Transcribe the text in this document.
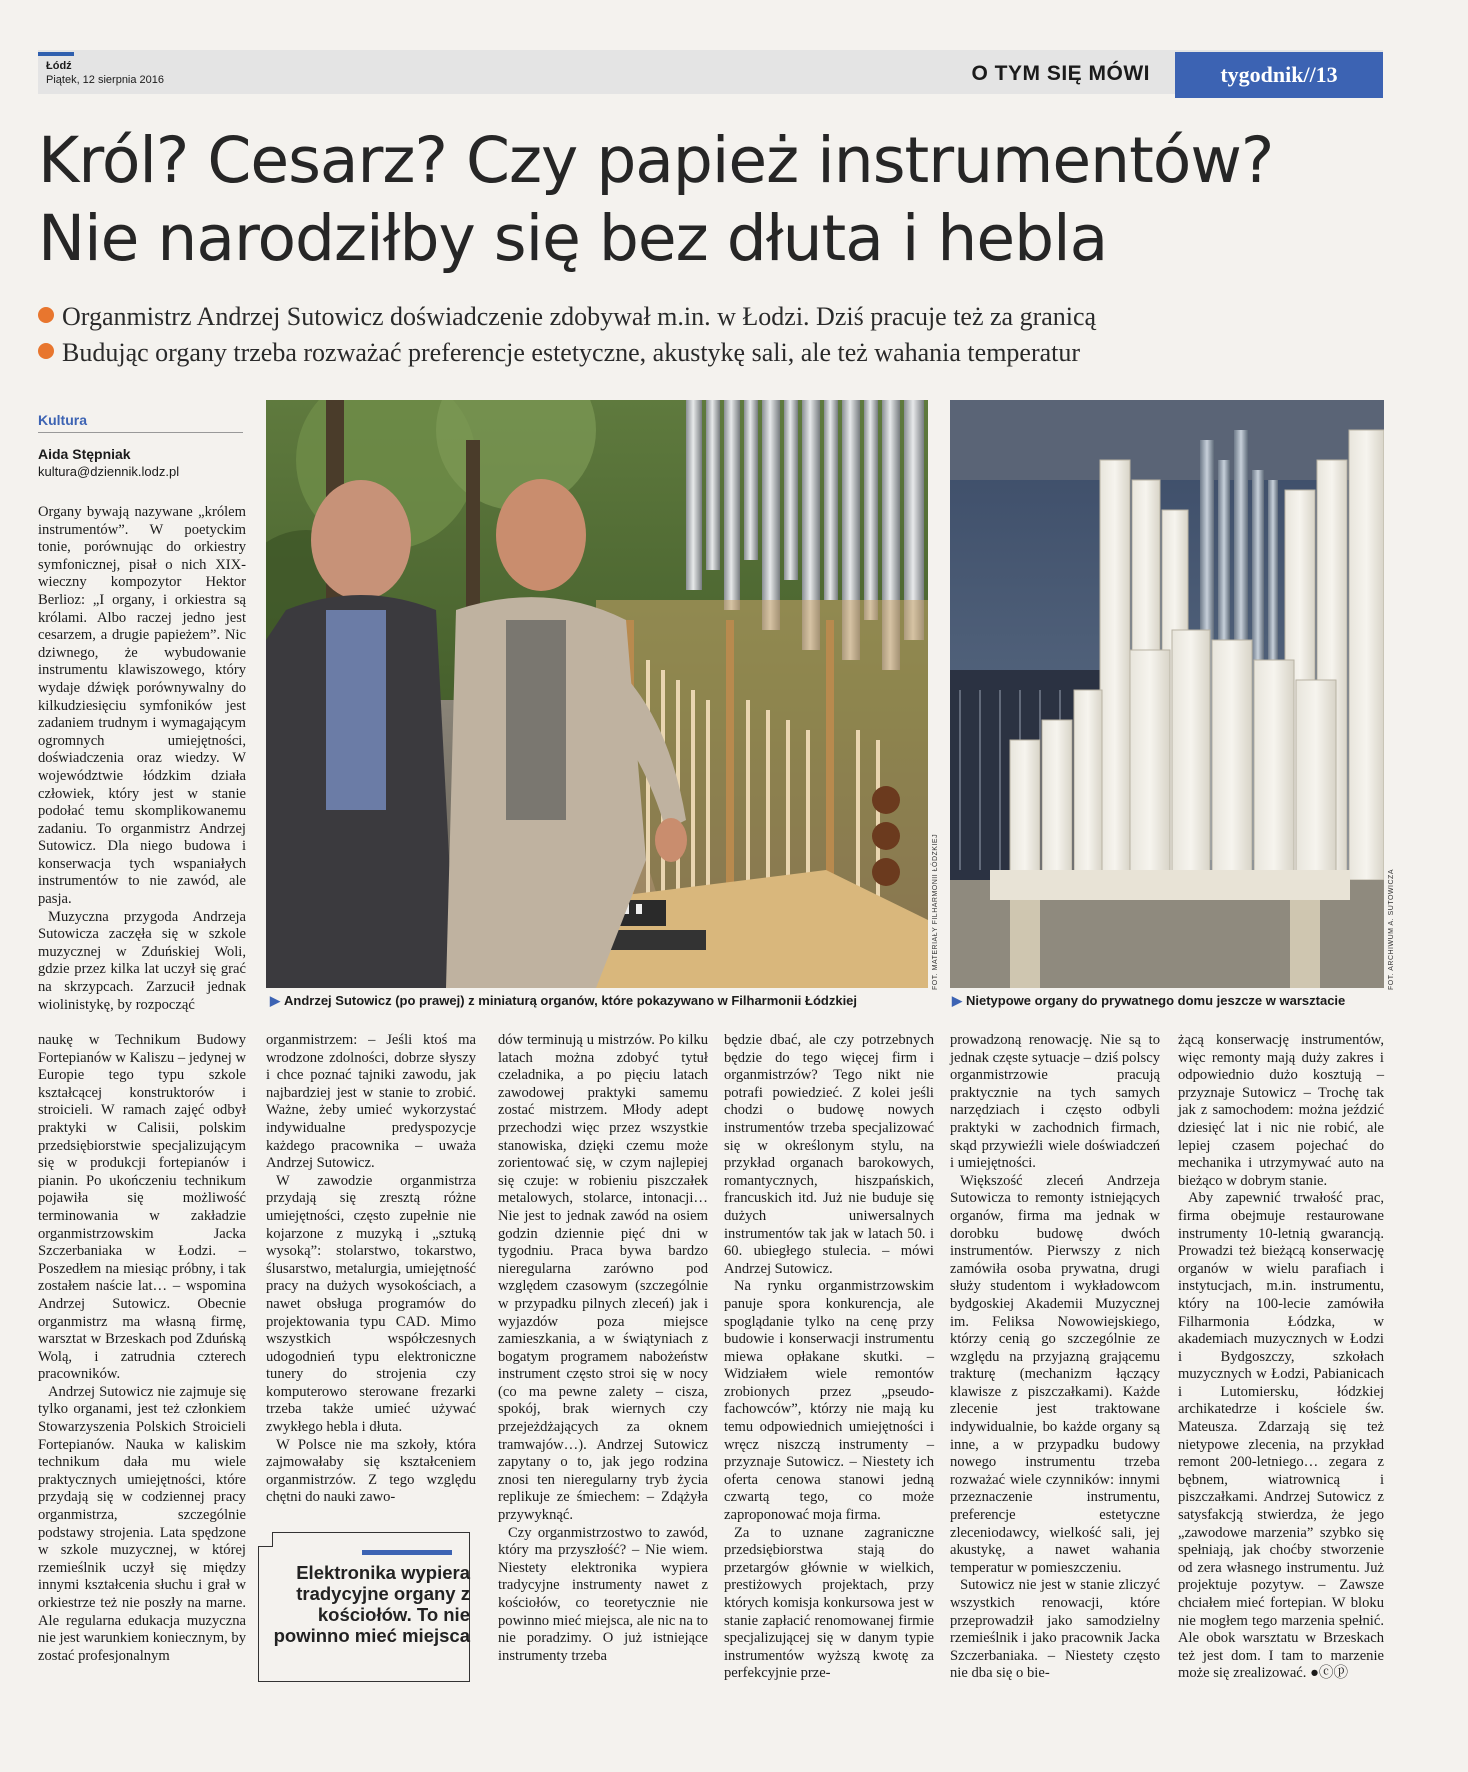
Łódź
Piątek, 12 sierpnia 2016	O TYM SIĘ MÓWI	tygodnik//13
Król? Cesarz? Czy papież instrumentów?
Nie narodziłby się bez dłuta i hebla
Organmistrz Andrzej Sutowicz doświadczenie zdobywał m.in. w Łodzi. Dziś pracuje też za granicą
Budując organy trzeba rozważać preferencje estetyczne, akustykę sali, ale też wahania temperatur
Kultura
Aida Stępniak
kultura@dziennik.lodz.pl
FOT. MATERIAŁY FILHARMONII ŁÓDZKIEJ
▶ Andrzej Sutowicz (po prawej) z miniaturą organów, które pokazywano w Filharmonii Łódzkiej
FOT. ARCHIWUM A. SUTOWICZA
▶ Nietypowe organy do prywatnego domu jeszcze w warsztacie

Organy bywają nazywane „królem instrumentów”. W poetyckim tonie, porównując do orkiestry symfonicznej, pisał o nich XIX-wieczny kompozytor Hektor Berlioz: „I organy, i orkiestra są królami. Albo raczej jedno jest cesarzem, a drugie papieżem”. Nic dziwnego, że wybudowanie instrumentu klawiszowego, który wydaje dźwięk porównywalny do kilkudziesięciu symfoników jest zadaniem trudnym i wymagającym ogromnych umiejętności, doświadczenia oraz wiedzy. W województwie łódzkim działa człowiek, który jest w stanie podołać temu skomplikowanemu zadaniu. To organmistrz Andrzej Sutowicz. Dla niego budowa i konserwacja tych wspaniałych instrumentów to nie zawód, ale pasja.

Muzyczna przygoda Andrzeja Sutowicza zaczęła się w szkole muzycznej w Zduńskiej Woli, gdzie przez kilka lat uczył się grać na skrzypcach. Zarzucił jednak wiolinistykę, by rozpocząć

naukę w Technikum Budowy Fortepianów w Kaliszu – jedynej w Europie tego typu szkole kształcącej konstruktorów i stroicieli. W ramach zajęć odbył praktyki w Calisii, polskim przedsiębiorstwie specjalizującym się w produkcji fortepianów i pianin. Po ukończeniu technikum pojawiła się możliwość terminowania w zakładzie organmistrzowskim Jacka Szczerbaniaka w Łodzi. – Poszedłem na miesiąc próbny, i tak zostałem naście lat… – wspomina Andrzej Sutowicz. Obecnie organmistrz ma własną firmę, warsztat w Brzeskach pod Zduńską Wolą, i zatrudnia czterech pracowników.

Andrzej Sutowicz nie zajmuje się tylko organami, jest też członkiem Stowarzyszenia Polskich Stroicieli Fortepianów. Nauka w kaliskim technikum dała mu wiele praktycznych umiejętności, które przydają się w codziennej pracy organmistrza, szczególnie podstawy strojenia. Lata spędzone w szkole muzycznej, w której rzemieślnik uczył się między innymi kształcenia słuchu i grał w orkiestrze też nie poszły na marne. Ale regularna edukacja muzyczna nie jest warunkiem koniecznym, by zostać profesjonalnym

organmistrzem: – Jeśli ktoś ma wrodzone zdolności, dobrze słyszy i chce poznać tajniki zawodu, jak najbardziej jest w stanie to zrobić. Ważne, żeby umieć wykorzystać indywidualne predyspozycje każdego pracownika – uważa Andrzej Sutowicz.

W zawodzie organmistrza przydają się zresztą różne umiejętności, często zupełnie nie kojarzone z muzyką i „sztuką wysoką”: stolarstwo, tokarstwo, ślusarstwo, metalurgia, umiejętność pracy na dużych wysokościach, a nawet obsługa programów do projektowania typu CAD. Mimo wszystkich współczesnych udogodnień typu elektroniczne tunery do strojenia czy komputerowo sterowane frezarki trzeba także umieć używać zwykłego hebla i dłuta.

W Polsce nie ma szkoły, która zajmowałaby się kształceniem organmistrzów. Z tego względu chętni do nauki zawo-

Elektronika wypiera tradycyjne organy z kościołów. To nie powinno mieć miejsca

dów terminują u mistrzów. Po kilku latach można zdobyć tytuł czeladnika, a po pięciu latach zawodowej praktyki samemu zostać mistrzem. Młody adept przechodzi więc przez wszystkie stanowiska, dzięki czemu może zorientować się, w czym najlepiej się czuje: w robieniu piszczałek metalowych, stolarce, intonacji… Nie jest to jednak zawód na osiem godzin dziennie pięć dni w tygodniu. Praca bywa bardzo nieregularna zarówno pod względem czasowym (szczególnie w przypadku pilnych zleceń) jak i wyjazdów poza miejsce zamieszkania, a w świątyniach z bogatym programem nabożeństw instrument często stroi się w nocy (co ma pewne zalety – cisza, spokój, brak wiernych czy przejeżdżających za oknem tramwajów…). Andrzej Sutowicz zapytany o to, jak jego rodzina znosi ten nieregularny tryb życia replikuje ze śmiechem: – Zdążyła przywyknąć.

Czy organmistrzostwo to zawód, który ma przyszłość? – Nie wiem. Niestety elektronika wypiera tradycyjne instrumenty nawet z kościołów, co teoretycznie nie powinno mieć miejsca, ale nic na to nie poradzimy. O już istniejące instrumenty trzeba

będzie dbać, ale czy potrzebnych będzie do tego więcej firm i organmistrzów? Tego nikt nie potrafi powiedzieć. Z kolei jeśli chodzi o budowę nowych instrumentów trzeba specjalizować się w określonym stylu, na przykład organach barokowych, romantycznych, hiszpańskich, francuskich itd. Już nie buduje się dużych uniwersalnych instrumentów tak jak w latach 50. i 60. ubiegłego stulecia. – mówi Andrzej Sutowicz.

Na rynku organmistrzowskim panuje spora konkurencja, ale spoglądanie tylko na cenę przy budowie i konserwacji instrumentu miewa opłakane skutki. – Widziałem wiele remontów zrobionych przez „pseudo-fachowców”, którzy nie mają ku temu odpowiednich umiejętności i wręcz niszczą instrumenty – przyznaje Sutowicz. – Niestety ich oferta cenowa stanowi jedną czwartą tego, co może zaproponować moja firma.

Za to uznane zagraniczne przedsiębiorstwa stają do przetargów głównie w wielkich, prestiżowych projektach, przy których komisja konkursowa jest w stanie zapłacić renomowanej firmie specjalizującej się w danym typie instrumentów wyższą kwotę za perfekcyjnie prze-

prowadzoną renowację. Nie są to jednak częste sytuacje – dziś polscy organmistrzowie pracują praktycznie na tych samych narzędziach i często odbyli praktyki w zachodnich firmach, skąd przywieźli wiele doświadczeń i umiejętności.

Większość zleceń Andrzeja Sutowicza to remonty istniejących organów, firma ma jednak w dorobku budowę dwóch instrumentów. Pierwszy z nich zamówiła osoba prywatna, drugi służy studentom i wykładowcom bydgoskiej Akademii Muzycznej im. Feliksa Nowowiejskiego, którzy cenią go szczególnie ze względu na przyjazną grającemu trakturę (mechanizm łączący klawisze z piszczałkami). Każde zlecenie jest traktowane indywidualnie, bo każde organy są inne, a w przypadku budowy nowego instrumentu trzeba rozważać wiele czynników: innymi przeznaczenie instrumentu, preferencje estetyczne zleceniodawcy, wielkość sali, jej akustykę, a nawet wahania temperatur w pomieszczeniu.

Sutowicz nie jest w stanie zliczyć wszystkich renowacji, które przeprowadził jako samodzielny rzemieślnik i jako pracownik Jacka Szczerbaniaka. – Niestety często nie dba się o bie-

żącą konserwację instrumentów, więc remonty mają duży zakres i odpowiednio dużo kosztują – przyznaje Sutowicz – Trochę tak jak z samochodem: można jeździć dziesięć lat i nic nie robić, ale lepiej czasem pojechać do mechanika i utrzymywać auto na bieżąco w dobrym stanie.

Aby zapewnić trwałość prac, firma obejmuje restaurowane instrumenty 10-letnią gwarancją. Prowadzi też bieżącą konserwację organów w wielu parafiach i instytucjach, m.in. instrumentu, który na 100-lecie zamówiła Filharmonia Łódzka, w akademiach muzycznych w Łodzi i Bydgoszczy, szkołach muzycznych w Łodzi, Pabianicach i Lutomiersku, łódzkiej archikatedrze i kościele św. Mateusza. Zdarzają się też nietypowe zlecenia, na przykład remont 200-letniego… zegara z bębnem, wiatrownicą i piszczałkami. Andrzej Sutowicz z satysfakcją stwierdza, że jego „zawodowe marzenia” szybko się spełniają, jak choćby stworzenie od zera własnego instrumentu. Już projektuje pozytyw. – Zawsze chciałem mieć fortepian. W bloku nie mogłem tego marzenia spełnić. Ale obok warsztatu w Brzeskach też jest dom. I tam to marzenie może się zrealizować. ●ⓒⓟ
